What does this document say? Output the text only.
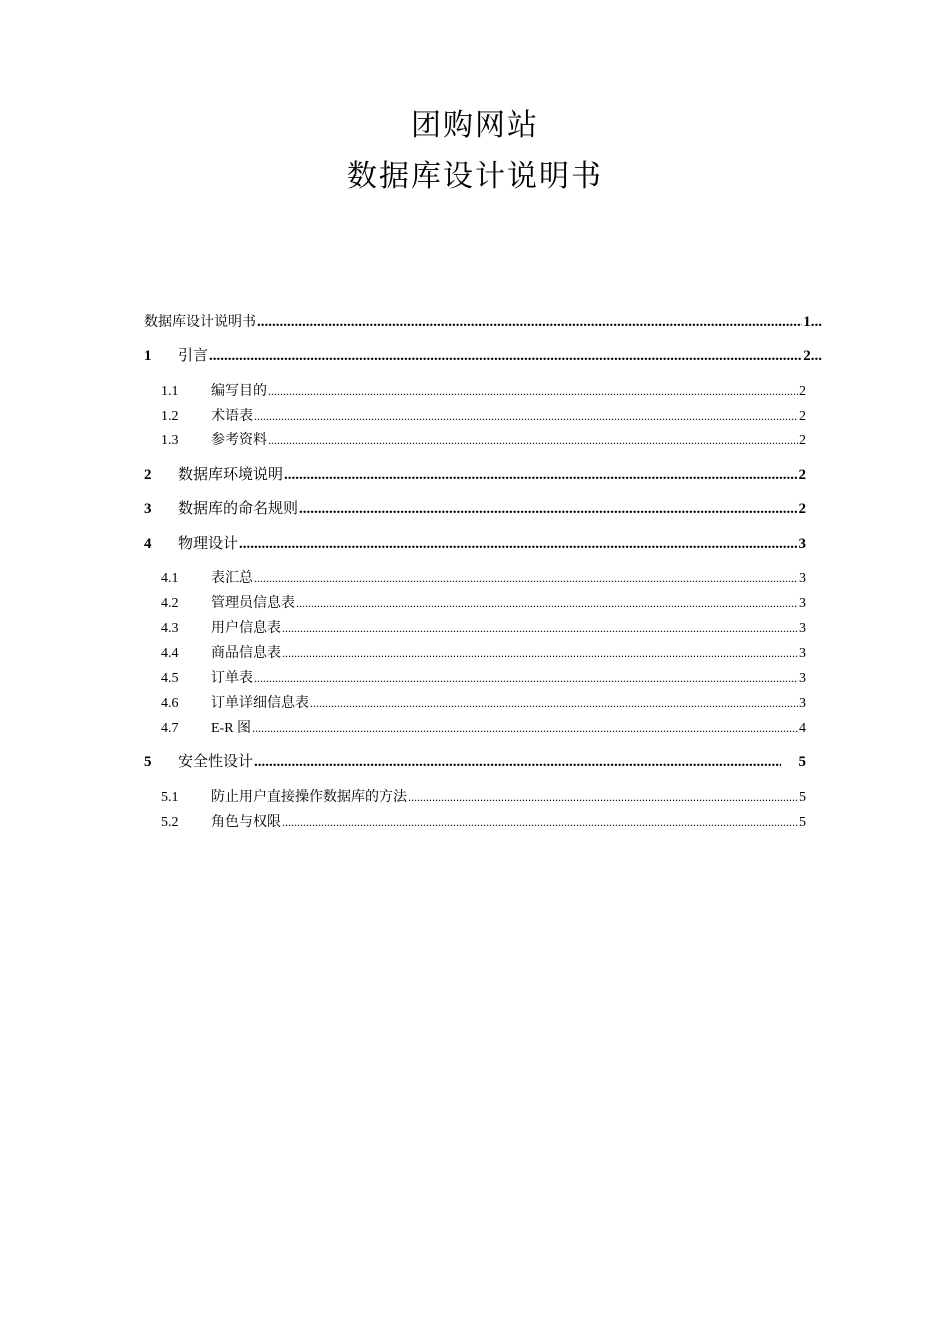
团购网站
数据库设计说明书
数据库设计说明书 .....	1...
1	引言 .....	2...
1.1	编写目的 .....	2
1.2	术语表 .....	2
1.3	参考资料 .....	2
2	数据库环境说明 .....	2
3	数据库的命名规则 .....	2
4	物理设计 .....	3
4.1	表汇总 .....	3
4.2	管理员信息表 .....	3
4.3	用户信息表 .....	3
4.4	商品信息表 .....	3
4.5	订单表 .....	3
4.6	订单详细信息表 .....	3
4.7	E-R 图 .....	4
5	安全性设计 .....	5
5.1	防止用户直接操作数据库的方法 .....	5
5.2	角色与权限 .....	5
